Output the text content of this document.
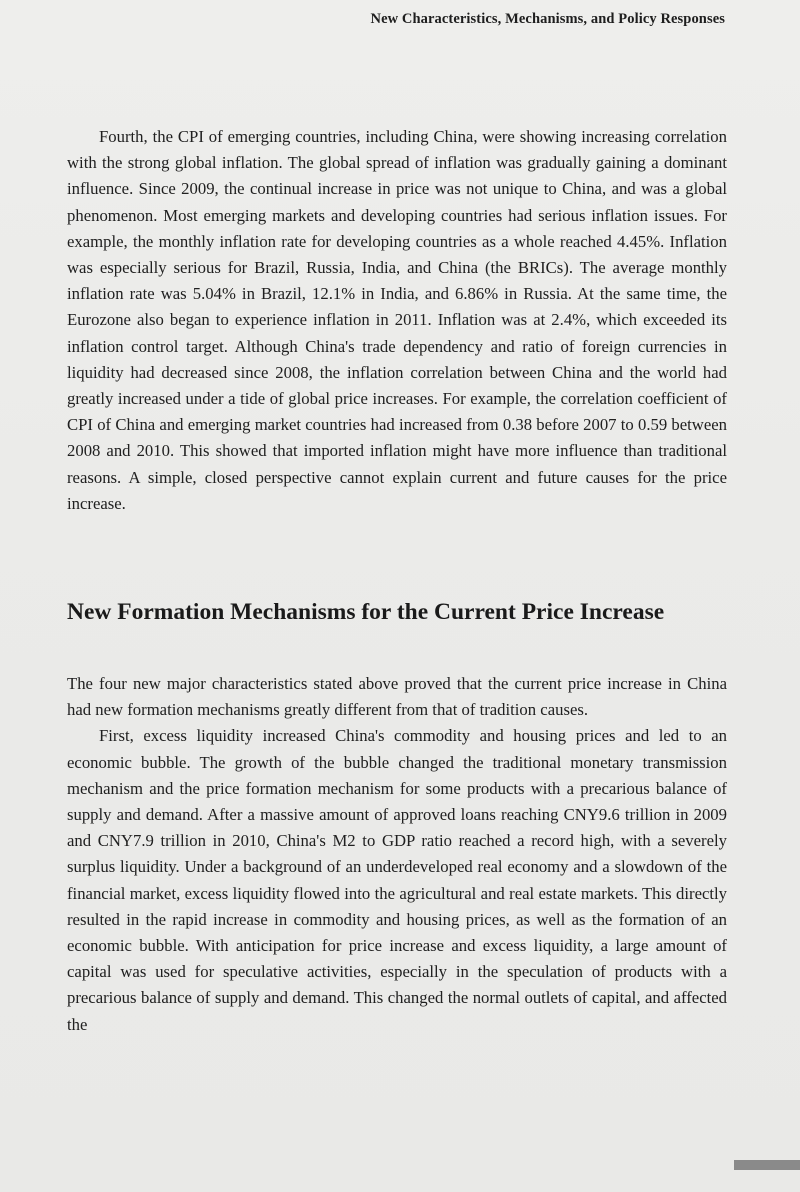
New Characteristics, Mechanisms, and Policy Responses

Fourth, the CPI of emerging countries, including China, were showing increasing correlation with the strong global inflation. The global spread of inflation was gradually gaining a dominant influence. Since 2009, the continual increase in price was not unique to China, and was a global phenomenon. Most emerging markets and developing countries had serious inflation issues. For example, the monthly inflation rate for developing countries as a whole reached 4.45%. Inflation was especially serious for Brazil, Russia, India, and China (the BRICs). The average monthly inflation rate was 5.04% in Brazil, 12.1% in India, and 6.86% in Russia. At the same time, the Eurozone also began to experience inflation in 2011. Inflation was at 2.4%, which exceeded its inflation control target. Although China's trade dependency and ratio of foreign currencies in liquidity had decreased since 2008, the inflation correlation between China and the world had greatly increased under a tide of global price increases. For example, the correlation coefficient of CPI of China and emerging market countries had increased from 0.38 before 2007 to 0.59 between 2008 and 2010. This showed that imported inflation might have more influence than traditional reasons. A simple, closed perspective cannot explain current and future causes for the price increase.

New Formation Mechanisms for the Current Price Increase

The four new major characteristics stated above proved that the current price increase in China had new formation mechanisms greatly different from that of tradition causes.

First, excess liquidity increased China's commodity and housing prices and led to an economic bubble. The growth of the bubble changed the traditional monetary transmission mechanism and the price formation mechanism for some products with a precarious balance of supply and demand. After a massive amount of approved loans reaching CNY9.6 trillion in 2009 and CNY7.9 trillion in 2010, China's M2 to GDP ratio reached a record high, with a severely surplus liquidity. Under a background of an underdeveloped real economy and a slowdown of the financial market, excess liquidity flowed into the agricultural and real estate markets. This directly resulted in the rapid increase in commodity and housing prices, as well as the formation of an economic bubble. With anticipation for price increase and excess liquidity, a large amount of capital was used for speculative activities, especially in the speculation of products with a precarious balance of supply and demand. This changed the normal outlets of capital, and affected the
